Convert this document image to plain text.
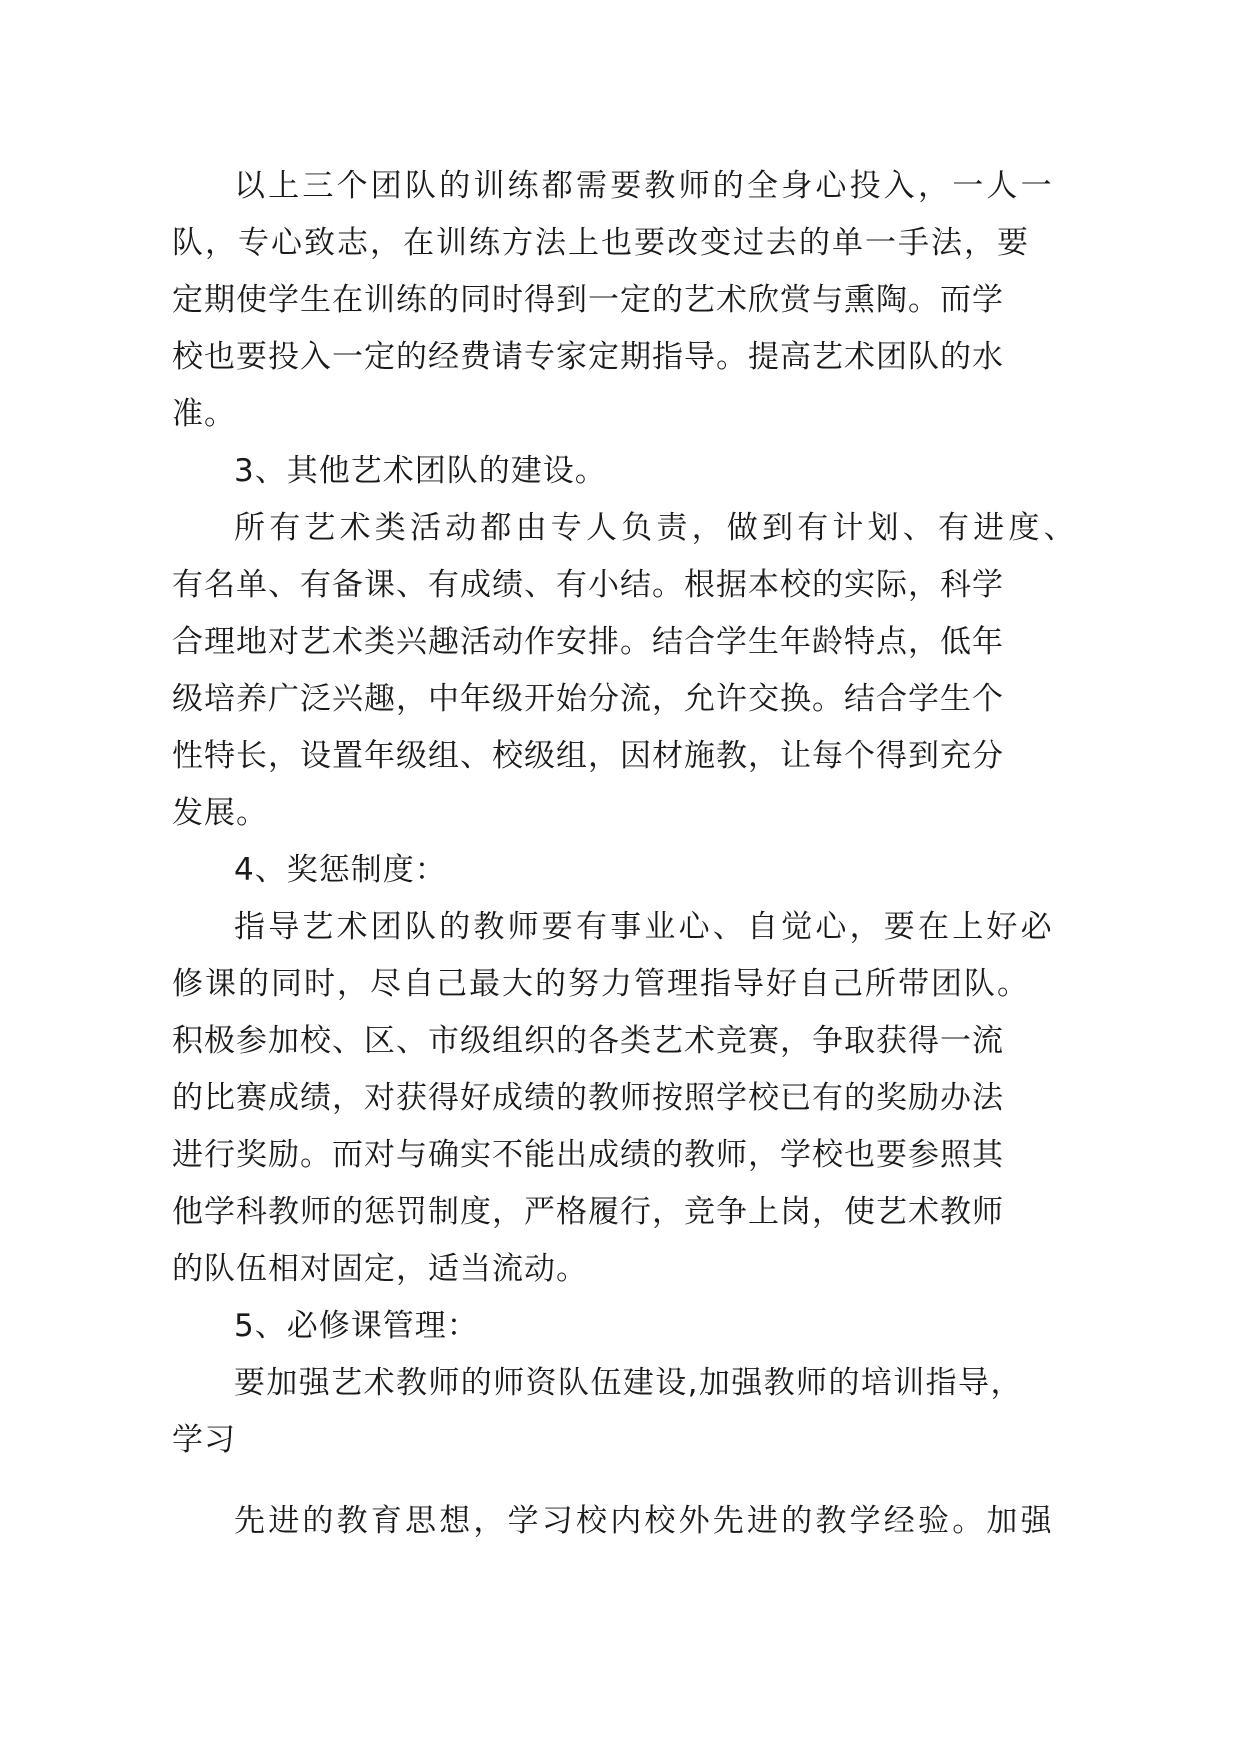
以上三个团队的训练都需要教师的全身心投入，一人一
队，专心致志，在训练方法上也要改变过去的单一手法，要
定期使学生在训练的同时得到一定的艺术欣赏与熏陶。而学
校也要投入一定的经费请专家定期指导。提高艺术团队的水
准。
3、其他艺术团队的建设。
所有艺术类活动都由专人负责，做到有计划、有进度、
有名单、有备课、有成绩、有小结。根据本校的实际，科学
合理地对艺术类兴趣活动作安排。结合学生年龄特点，低年
级培养广泛兴趣，中年级开始分流，允许交换。结合学生个
性特长，设置年级组、校级组，因材施教，让每个得到充分
发展。
4、奖惩制度：
指导艺术团队的教师要有事业心、自觉心，要在上好必
修课的同时，尽自己最大的努力管理指导好自己所带团队。
积极参加校、区、市级组织的各类艺术竞赛，争取获得一流
的比赛成绩，对获得好成绩的教师按照学校已有的奖励办法
进行奖励。而对与确实不能出成绩的教师，学校也要参照其
他学科教师的惩罚制度，严格履行，竞争上岗，使艺术教师
的队伍相对固定，适当流动。
5、必修课管理：
要加强艺术教师的师资队伍建设,加强教师的培训指导，
学习
先进的教育思想，学习校内校外先进的教学经验。加强
